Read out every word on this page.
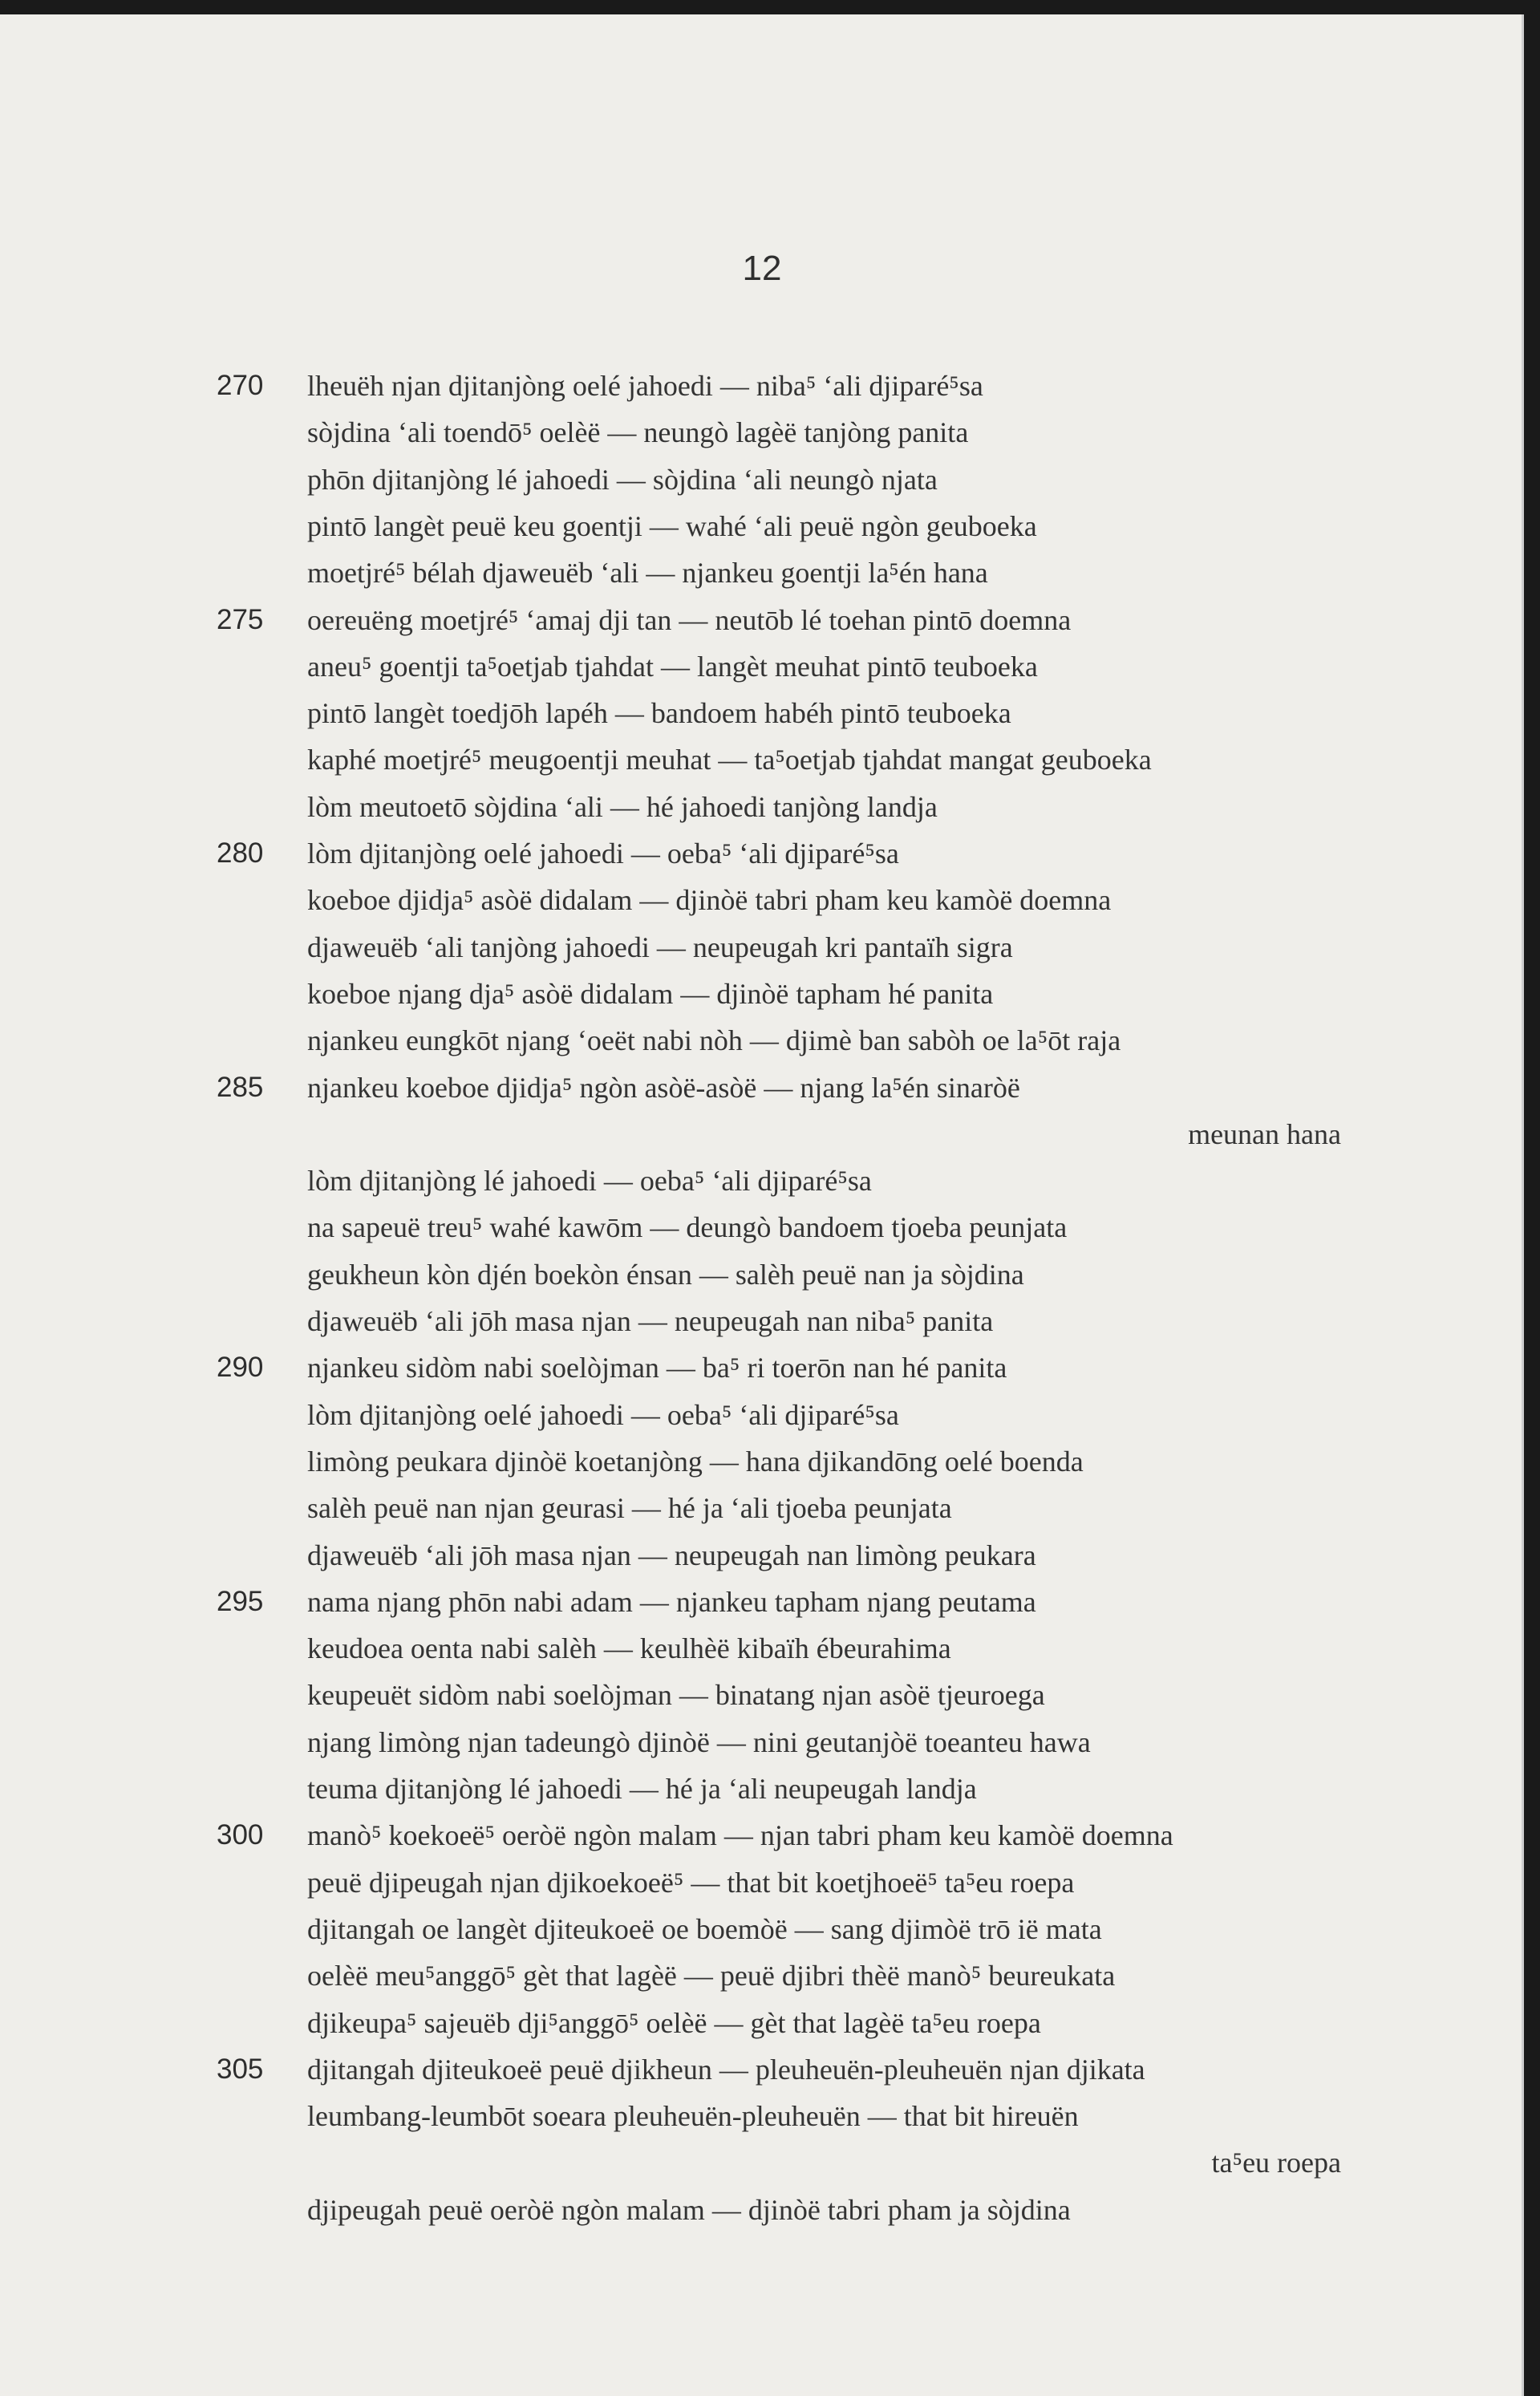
12
270 lheuëh njan djitanjòng oelé jahoedi — niba⁵ ‘ali djiparé⁵sa
sòjdina ‘ali toendō⁵ oelèë — neungò lagèë tanjòng panita
phōn djitanjòng lé jahoedi — sòjdina ‘ali neungò njata
pintō langèt peuë keu goentji — wahé ‘ali peuë ngòn geuboeka
moetjré⁵ bélah djaweuëb ‘ali — njankeu goentji la⁵én hana
275 oereuëng moetjré⁵ ‘amaj dji tan — neutōb lé toehan pintō doemna
aneu⁵ goentji ta⁵oetjab tjahdat — langèt meuhat pintō teuboeka
pintō langèt toedjōh lapéh — bandoem habéh pintō teuboeka
kaphé moetjré⁵ meugoentji meuhat — ta⁵oetjab tjahdat mangat geuboeka
lòm meutoetō sòjdina ‘ali — hé jahoedi tanjòng landja
280 lòm djitanjòng oelé jahoedi — oeba⁵ ‘ali djiparé⁵sa
koeboe djidja⁵ asòë didalam — djinòë tabri pham keu kamòë doemna
djaweuëb ‘ali tanjòng jahoedi — neupeugah kri pantaïh sigra
koeboe njang dja⁵ asòë didalam — djinòë tapham hé panita
njankeu eungkōt njang ‘oeët nabi nòh — djimè ban sabòh oe la⁵ōt raja
285 njankeu koeboe djidja⁵ ngòn asòë-asòë — njang la⁵én sinaròë
meunan hana
lòm djitanjòng lé jahoedi — oeba⁵ ‘ali djiparé⁵sa
na sapeuë treu⁵ wahé kawōm — deungò bandoem tjoeba peunjata
geukheun kòn djén boekòn énsan — salèh peuë nan ja sòjdina
djaweuëb ‘ali jōh masa njan — neupeugah nan niba⁵ panita
290 njankeu sidòm nabi soelòjman — ba⁵ ri toerōn nan hé panita
lòm djitanjòng oelé jahoedi — oeba⁵ ‘ali djiparé⁵sa
limòng peukara djinòë koetanjòng — hana djikandōng oelé boenda
salèh peuë nan njan geurasi — hé ja ‘ali tjoeba peunjata
djaweuëb ‘ali jōh masa njan — neupeugah nan limòng peukara
295 nama njang phōn nabi adam — njankeu tapham njang peutama
keudoea oenta nabi salèh — keulhèë kibaïh ébeurahima
keupeuët sidòm nabi soelòjman — binatang njan asòë tjeuroega
njang limòng njan tadeungò djinòë — nini geutanjòë toeanteu hawa
teuma djitanjòng lé jahoedi — hé ja ‘ali neupeugah landja
300 manò⁵ koekoeë⁵ oeròë ngòn malam — njan tabri pham keu kamòë doemna
peuë djipeugah njan djikoekoeë⁵ — that bit koetjhoeë⁵ ta⁵eu roepa
djitangah oe langèt djiteukoeë oe boemòë — sang djimòë trō ië mata
oelèë meu⁵anggō⁵ gèt that lagèë — peuë djibri thèë manò⁵ beureukata
djikeupa⁵ sajeuëb dji⁵anggō⁵ oelèë — gèt that lagèë ta⁵eu roepa
305 djitangah djiteukoeë peuë djikheun — pleuheuën-pleuheuën njan djikata
leumbang-leumbōt soeara pleuheuën-pleuheuën — that bit hireuën
ta⁵eu roepa
djipeugah peuë oeròë ngòn malam — djinòë tabri pham ja sòjdina
